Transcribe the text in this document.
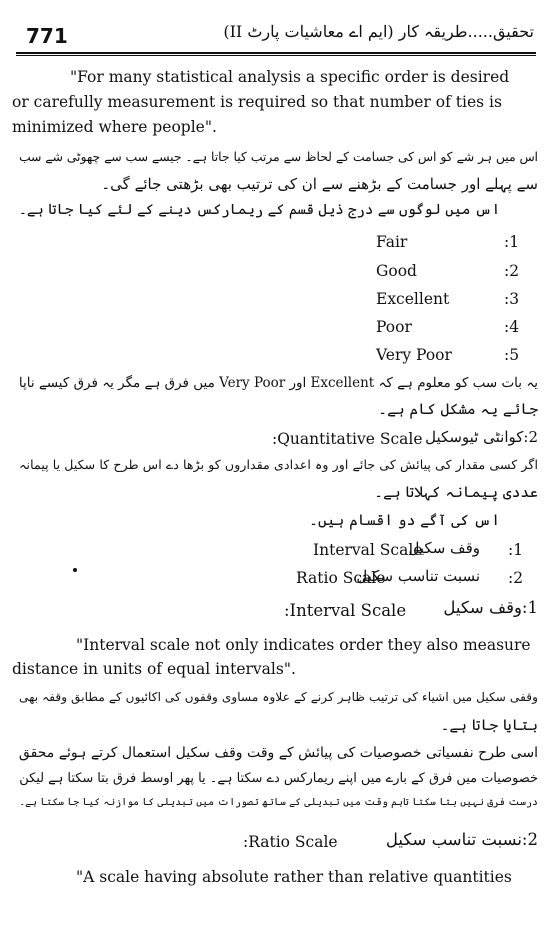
771	تحقیق.....طریقہ کار (ایم اے معاشیات پارٹ II)
"For many statistical analysis a specific order is desired
or carefully measurement is required so that number of ties is
minimized where people".
اس میں ہر شے کو اس کی جسامت کے لحاظ سے مرتب کیا جاتا ہے۔ جیسے سب سے چھوٹی شے سب
سے پہلے اور جسامت کے بڑھنے سے ان کی ترتیب بھی بڑھتی جائے گی۔
اس میں لوگوں سے درج ذیل قسم کے ریمارکس دینے کے لئے کیا جاتا ہے۔
Fair	:1
Good	:2
Excellent	:3
Poor	:4
Very Poor	:5
یہ بات سب کو معلوم ہے کہ Excellent اور Very Poor میں فرق ہے مگر یہ فرق کیسے ناپا
جائے یہ مشکل کام ہے۔
2:کوانٹی ٹیوسکیل
:Quantitative Scale
اگر کسی مقدار کی پیائش کی جائے اور وہ اعدادی مقداروں کو بڑھا دے اس طرح کا سکیل یا پیمانہ
عددی پیمانہ کہلاتا ہے۔
اس کی آگے دو اقسام ہیں۔
:1
وقف سکیل
Interval Scale
:2
نسبت تناسب سکیل
Ratio Scale
1:وقف سکیل
:Interval Scale
"Interval scale not only indicates order they also measure
distance in units of equal intervals".
وقفی سکیل میں اشیاء کی ترتیب ظاہر کرنے کے علاوہ مساوی وقفوں کی اکائیوں کے مطابق وقفہ بھی
بتایا جاتا ہے۔
اسی طرح نفسیاتی خصوصیات کی پیائش کے وقت وقف سکیل استعمال کرتے ہوئے محقق
خصوصیات میں فرق کے بارے میں اپنے ریمارکس دے سکتا ہے۔ یا پھر اوسط فرق بتا سکتا ہے لیکن
درست فرق نہیں بتا سکتا تاہم وقت میں تبدیلی کے ساتھ تصورات میں تبدیلی کا موازنہ کیا جا سکتا ہے۔
2:نسبت تناسب سکیل
:Ratio Scale
"A scale having absolute rather than relative quantities
